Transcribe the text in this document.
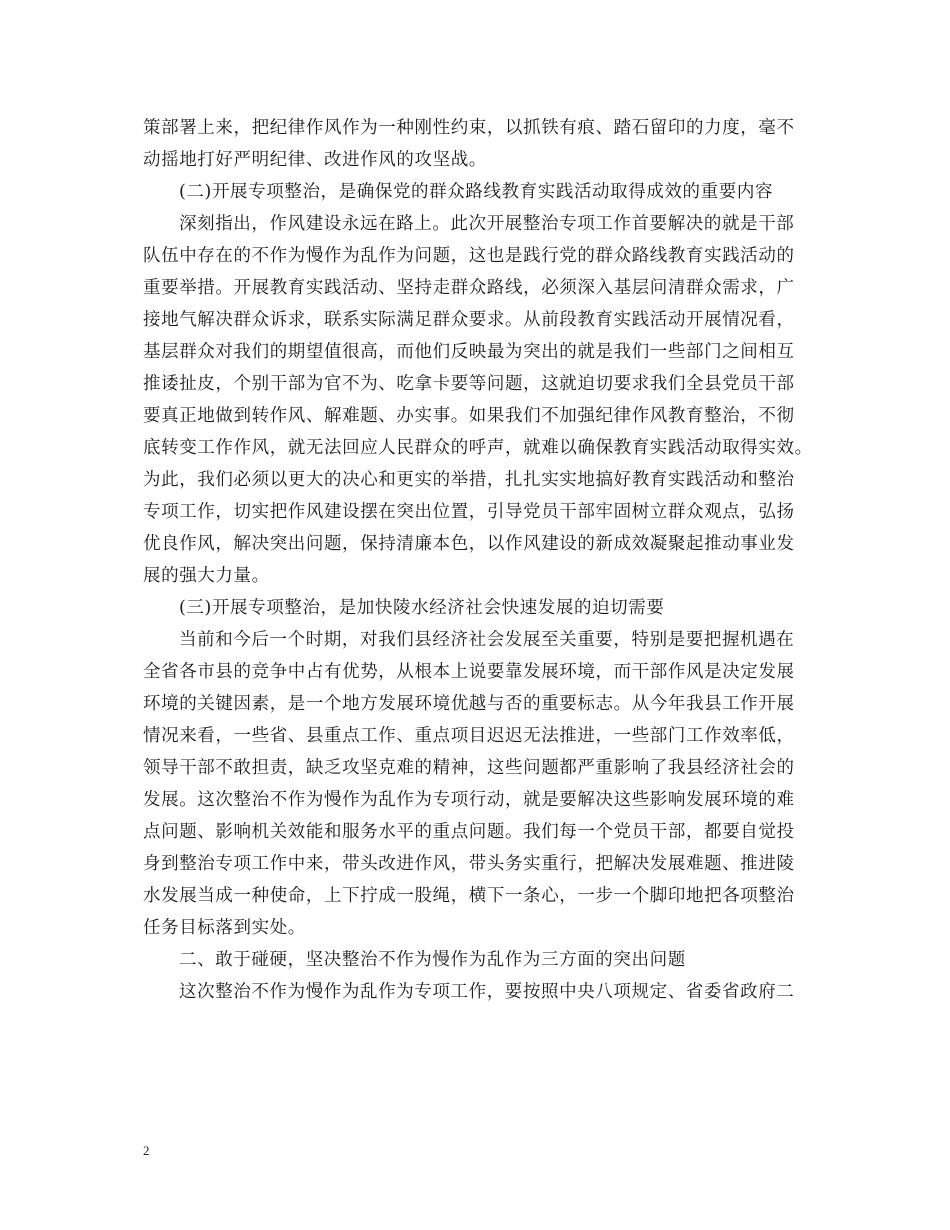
策部署上来，把纪律作风作为一种刚性约束，以抓铁有痕、踏石留印的力度，毫不
动摇地打好严明纪律、改进作风的攻坚战。
(二)开展专项整治，是确保党的群众路线教育实践活动取得成效的重要内容
深刻指出，作风建设永远在路上。此次开展整治专项工作首要解决的就是干部
队伍中存在的不作为慢作为乱作为问题，这也是践行党的群众路线教育实践活动的
重要举措。开展教育实践活动、坚持走群众路线，必须深入基层问清群众需求，广
接地气解决群众诉求，联系实际满足群众要求。从前段教育实践活动开展情况看，
基层群众对我们的期望值很高，而他们反映最为突出的就是我们一些部门之间相互
推诿扯皮，个别干部为官不为、吃拿卡要等问题，这就迫切要求我们全县党员干部
要真正地做到转作风、解难题、办实事。如果我们不加强纪律作风教育整治，不彻
底转变工作作风，就无法回应人民群众的呼声，就难以确保教育实践活动取得实效。
为此，我们必须以更大的决心和更实的举措，扎扎实实地搞好教育实践活动和整治
专项工作，切实把作风建设摆在突出位置，引导党员干部牢固树立群众观点，弘扬
优良作风，解决突出问题，保持清廉本色，以作风建设的新成效凝聚起推动事业发
展的强大力量。
(三)开展专项整治，是加快陵水经济社会快速发展的迫切需要
当前和今后一个时期，对我们县经济社会发展至关重要，特别是要把握机遇在
全省各市县的竞争中占有优势，从根本上说要靠发展环境，而干部作风是决定发展
环境的关键因素，是一个地方发展环境优越与否的重要标志。从今年我县工作开展
情况来看，一些省、县重点工作、重点项目迟迟无法推进，一些部门工作效率低，
领导干部不敢担责，缺乏攻坚克难的精神，这些问题都严重影响了我县经济社会的
发展。这次整治不作为慢作为乱作为专项行动，就是要解决这些影响发展环境的难
点问题、影响机关效能和服务水平的重点问题。我们每一个党员干部，都要自觉投
身到整治专项工作中来，带头改进作风，带头务实重行，把解决发展难题、推进陵
水发展当成一种使命，上下拧成一股绳，横下一条心，一步一个脚印地把各项整治
任务目标落到实处。
二、敢于碰硬，坚决整治不作为慢作为乱作为三方面的突出问题
这次整治不作为慢作为乱作为专项工作，要按照中央八项规定、省委省政府二
2
